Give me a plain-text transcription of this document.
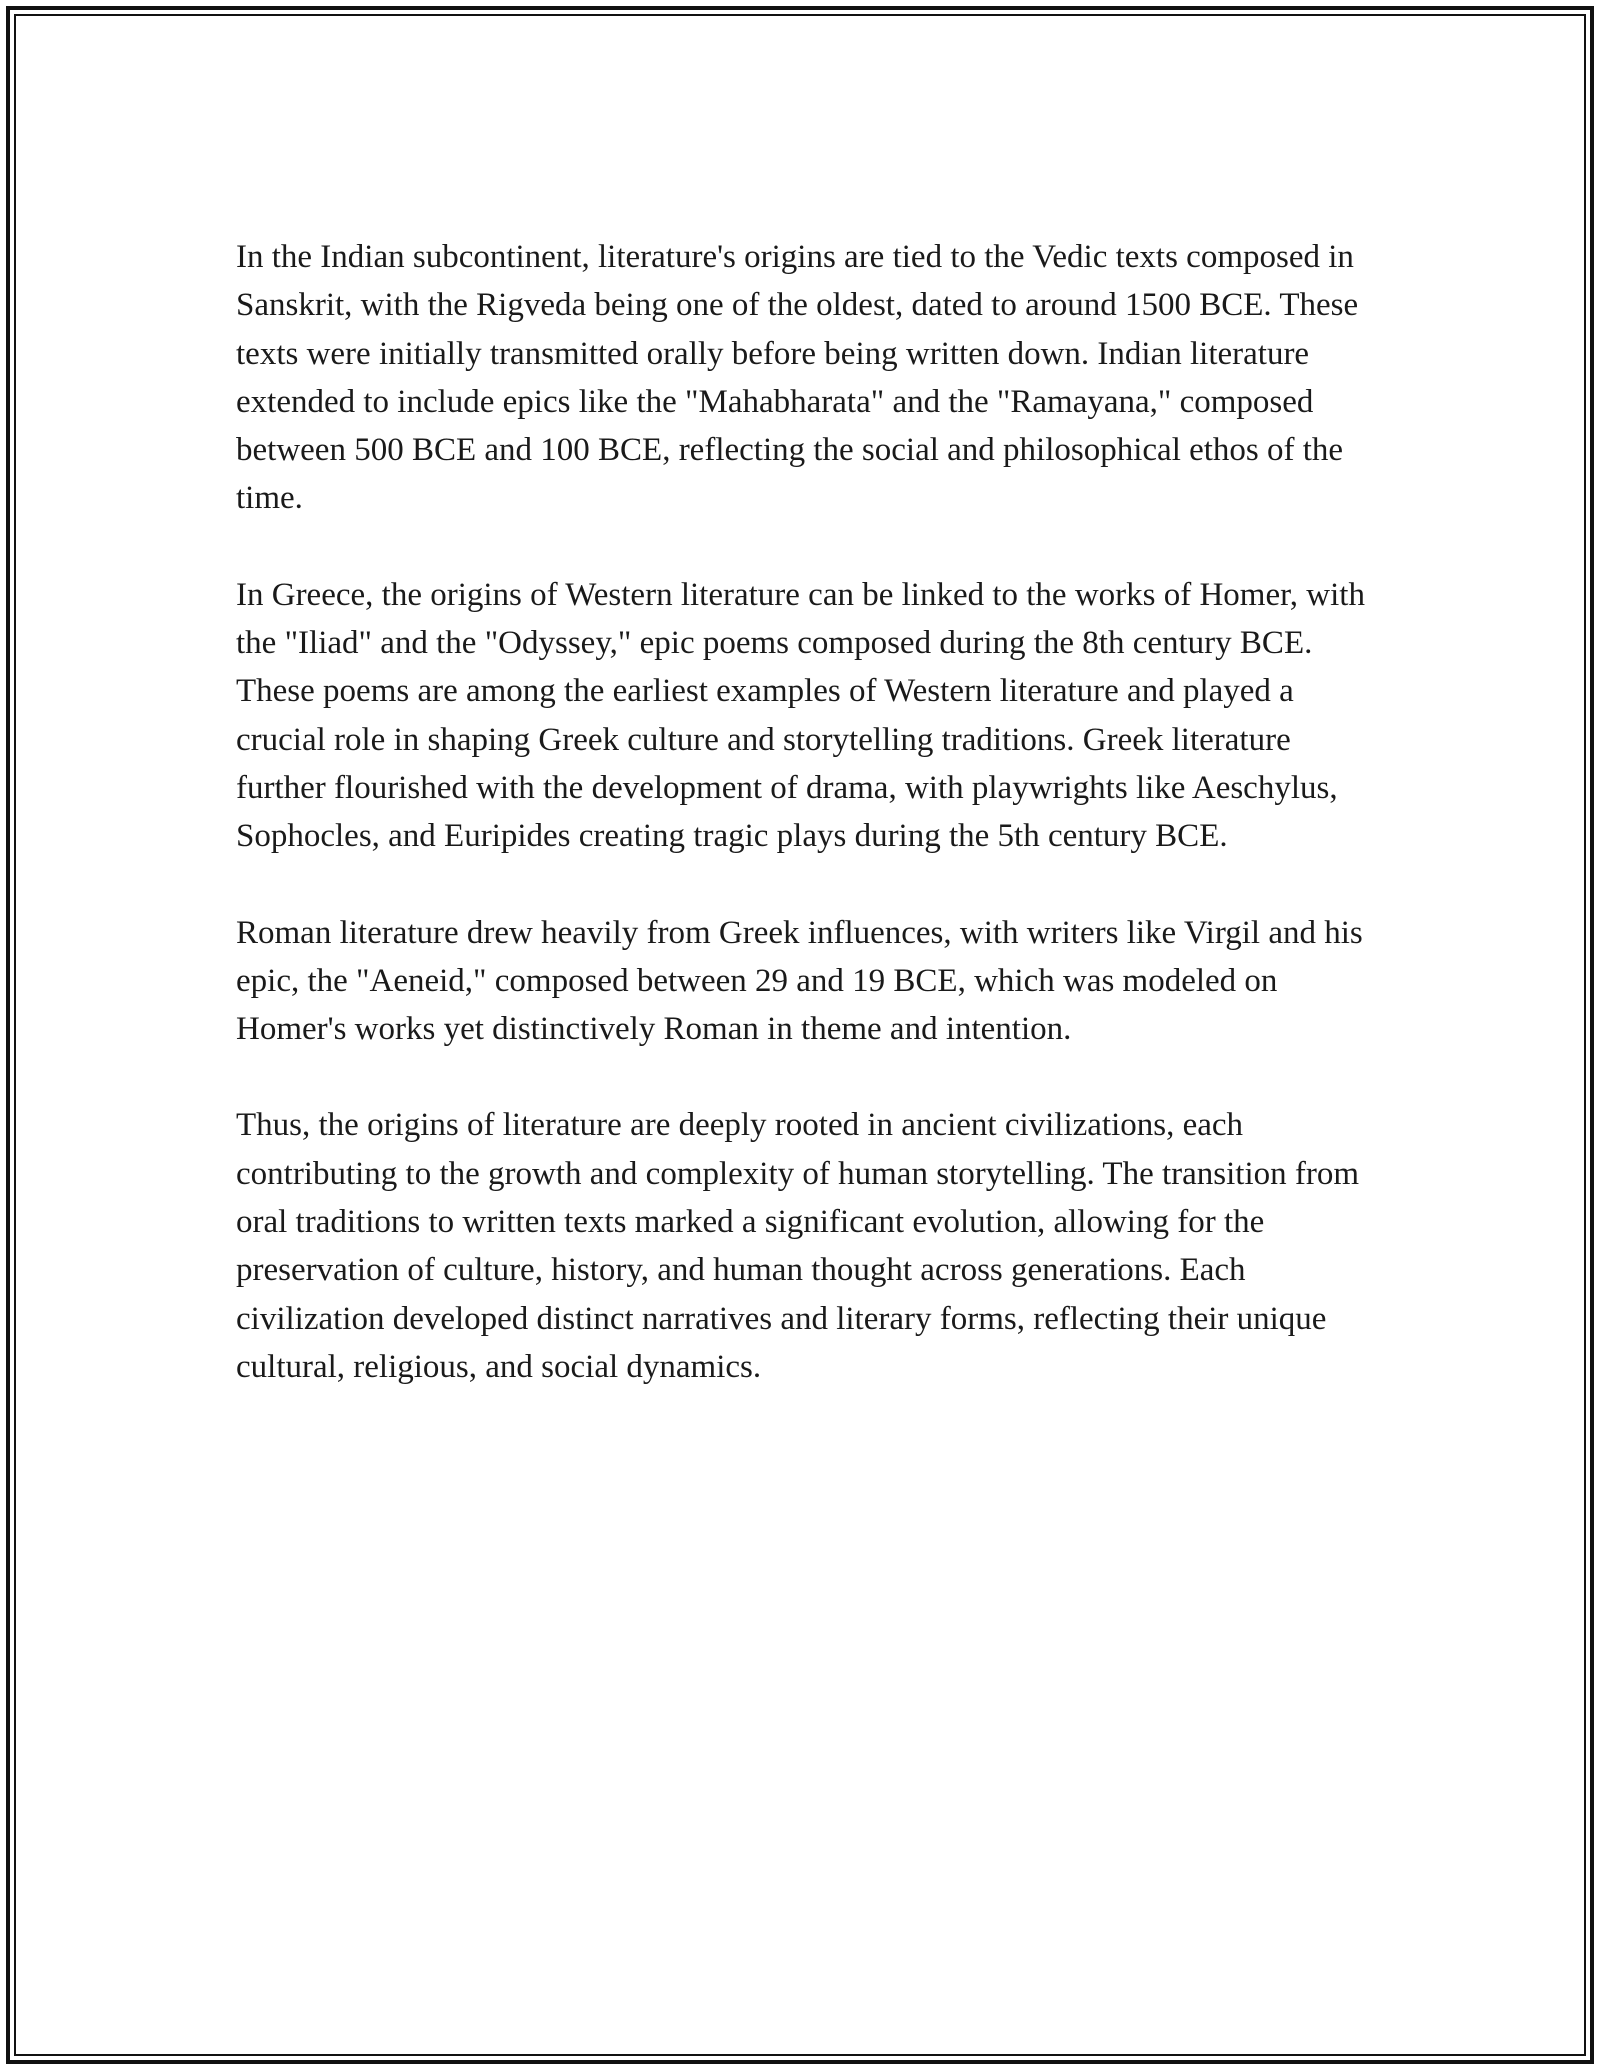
In the Indian subcontinent, literature's origins are tied to the Vedic texts composed in Sanskrit, with the Rigveda being one of the oldest, dated to around 1500 BCE. These texts were initially transmitted orally before being written down. Indian literature extended to include epics like the "Mahabharata" and the "Ramayana," composed between 500 BCE and 100 BCE, reflecting the social and philosophical ethos of the time.

In Greece, the origins of Western literature can be linked to the works of Homer, with the "Iliad" and the "Odyssey," epic poems composed during the 8th century BCE. These poems are among the earliest examples of Western literature and played a crucial role in shaping Greek culture and storytelling traditions. Greek literature further flourished with the development of drama, with playwrights like Aeschylus, Sophocles, and Euripides creating tragic plays during the 5th century BCE.

Roman literature drew heavily from Greek influences, with writers like Virgil and his epic, the "Aeneid," composed between 29 and 19 BCE, which was modeled on Homer's works yet distinctively Roman in theme and intention.

Thus, the origins of literature are deeply rooted in ancient civilizations, each contributing to the growth and complexity of human storytelling. The transition from oral traditions to written texts marked a significant evolution, allowing for the preservation of culture, history, and human thought across generations. Each civilization developed distinct narratives and literary forms, reflecting their unique cultural, religious, and social dynamics.
